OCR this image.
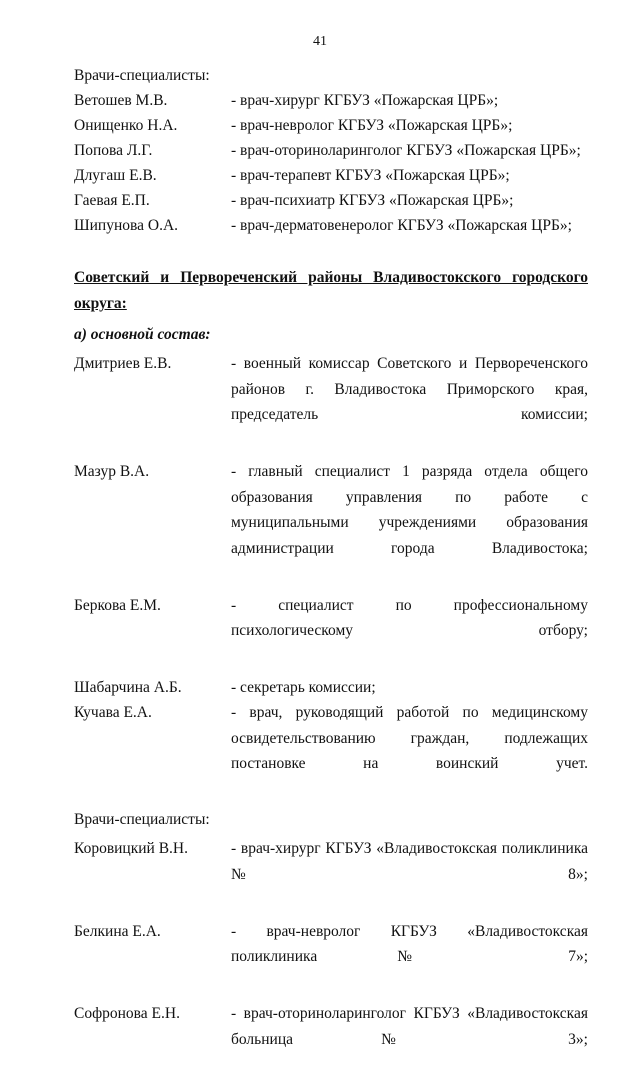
41
Врачи-специалисты:
Ветошев М.В.	- врач-хирург КГБУЗ «Пожарская ЦРБ»;
Онищенко Н.А.	- врач-невролог КГБУЗ «Пожарская ЦРБ»;
Попова Л.Г.	- врач-оториноларинголог КГБУЗ «Пожарская ЦРБ»;
Длугаш Е.В.	- врач-терапевт КГБУЗ «Пожарская ЦРБ»;
Гаевая Е.П.	- врач-психиатр КГБУЗ «Пожарская ЦРБ»;
Шипунова О.А.	- врач-дерматовенеролог КГБУЗ «Пожарская ЦРБ»;
Советский и Первореченский районы Владивостокского городского округа:
а) основной состав:
Дмитриев Е.В.	- военный комиссар Советского и Первореченского районов г. Владивостока Приморского края, председатель комиссии;
Мазур В.А.	- главный специалист 1 разряда отдела общего образования управления по работе с муниципальными учреждениями образования администрации города Владивостока;
Беркова Е.М.	- специалист по профессиональному психологическому отбору;
Шабарчина А.Б.	- секретарь комиссии;
Кучава Е.А.	- врач, руководящий работой по медицинскому освидетельствованию граждан, подлежащих постановке на воинский учет.
Врачи-специалисты:
Коровицкий В.Н.	- врач-хирург КГБУЗ «Владивостокская поликлиника № 8»;
Белкина Е.А.	- врач-невролог КГБУЗ «Владивостокская поликлиника № 7»;
Софронова Е.Н.	- врач-оториноларинголог КГБУЗ «Владивостокская больница № 3»;
